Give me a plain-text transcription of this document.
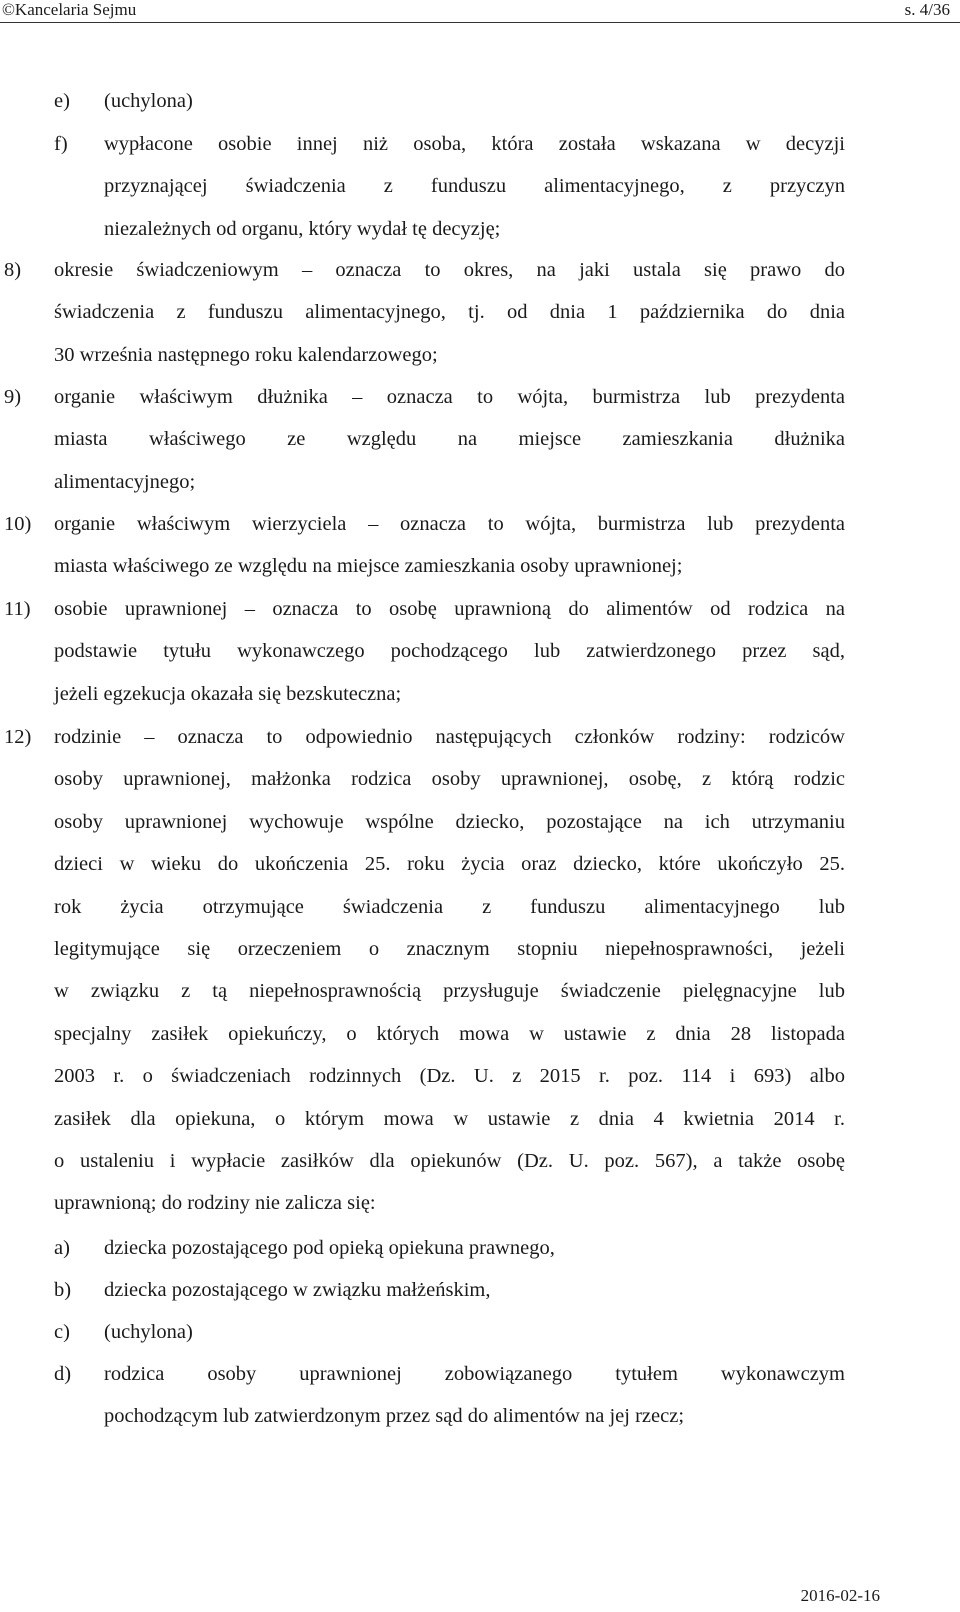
©Kancelaria Sejmu	s. 4/36
e) (uchylona)
f) wypłacone osobie innej niż osoba, która została wskazana w decyzji
przyznającej świadczenia z funduszu alimentacyjnego, z przyczyn
niezależnych od organu, który wydał tę decyzję;
8) okresie świadczeniowym – oznacza to okres, na jaki ustala się prawo do
świadczenia z funduszu alimentacyjnego, tj. od dnia 1 października do dnia
30 września następnego roku kalendarzowego;
9) organie właściwym dłużnika – oznacza to wójta, burmistrza lub prezydenta
miasta właściwego ze względu na miejsce zamieszkania dłużnika
alimentacyjnego;
10) organie właściwym wierzyciela – oznacza to wójta, burmistrza lub prezydenta
miasta właściwego ze względu na miejsce zamieszkania osoby uprawnionej;
11) osobie uprawnionej – oznacza to osobę uprawnioną do alimentów od rodzica na
podstawie tytułu wykonawczego pochodzącego lub zatwierdzonego przez sąd,
jeżeli egzekucja okazała się bezskuteczna;
12) rodzinie – oznacza to odpowiednio następujących członków rodziny: rodziców
osoby uprawnionej, małżonka rodzica osoby uprawnionej, osobę, z którą rodzic
osoby uprawnionej wychowuje wspólne dziecko, pozostające na ich utrzymaniu
dzieci w wieku do ukończenia 25. roku życia oraz dziecko, które ukończyło 25.
rok życia otrzymujące świadczenia z funduszu alimentacyjnego lub
legitymujące się orzeczeniem o znacznym stopniu niepełnosprawności, jeżeli
w związku z tą niepełnosprawnością przysługuje świadczenie pielęgnacyjne lub
specjalny zasiłek opiekuńczy, o których mowa w ustawie z dnia 28 listopada
2003 r. o świadczeniach rodzinnych (Dz. U. z 2015 r. poz. 114 i 693) albo
zasiłek dla opiekuna, o którym mowa w ustawie z dnia 4 kwietnia 2014 r.
o ustaleniu i wypłacie zasiłków dla opiekunów (Dz. U. poz. 567), a także osobę
uprawnioną; do rodziny nie zalicza się:
a) dziecka pozostającego pod opieką opiekuna prawnego,
b) dziecka pozostającego w związku małżeńskim,
c) (uchylona)
d) rodzica osoby uprawnionej zobowiązanego tytułem wykonawczym
pochodzącym lub zatwierdzonym przez sąd do alimentów na jej rzecz;
2016-02-16
